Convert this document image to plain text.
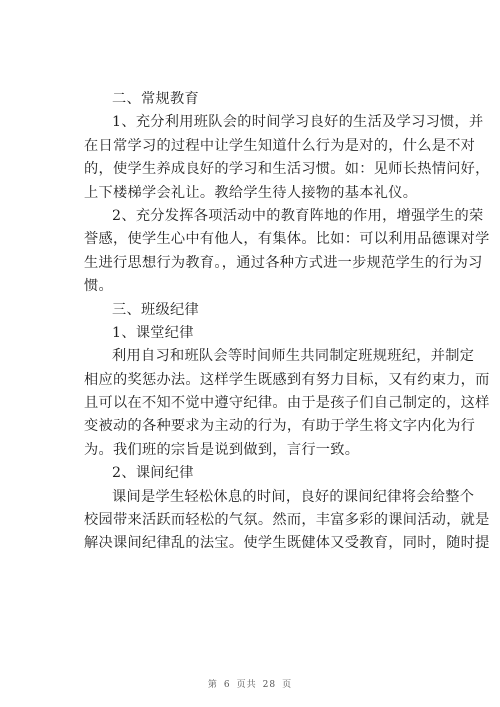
二、常规教育
1、充分利用班队会的时间学习良好的生活及学习习惯，并
在日常学习的过程中让学生知道什么行为是对的，什么是不对
的，使学生养成良好的学习和生活习惯。如：见师长热情问好，
上下楼梯学会礼让。教给学生待人接物的基本礼仪。
2、充分发挥各项活动中的教育阵地的作用，增强学生的荣
誉感，使学生心中有他人，有集体。比如：可以利用品德课对学
生进行思想行为教育。，通过各种方式进一步规范学生的行为习
惯。
三、班级纪律
1、课堂纪律
利用自习和班队会等时间师生共同制定班规班纪，并制定
相应的奖惩办法。这样学生既感到有努力目标，又有约束力，而
且可以在不知不觉中遵守纪律。由于是孩子们自己制定的，这样
变被动的各种要求为主动的行为，有助于学生将文字内化为行
为。我们班的宗旨是说到做到，言行一致。
2、课间纪律
课间是学生轻松休息的时间，良好的课间纪律将会给整个
校园带来活跃而轻松的气氛。然而，丰富多彩的课间活动，就是
解决课间纪律乱的法宝。使学生既健体又受教育，同时，随时提
第 6 页共 28 页
